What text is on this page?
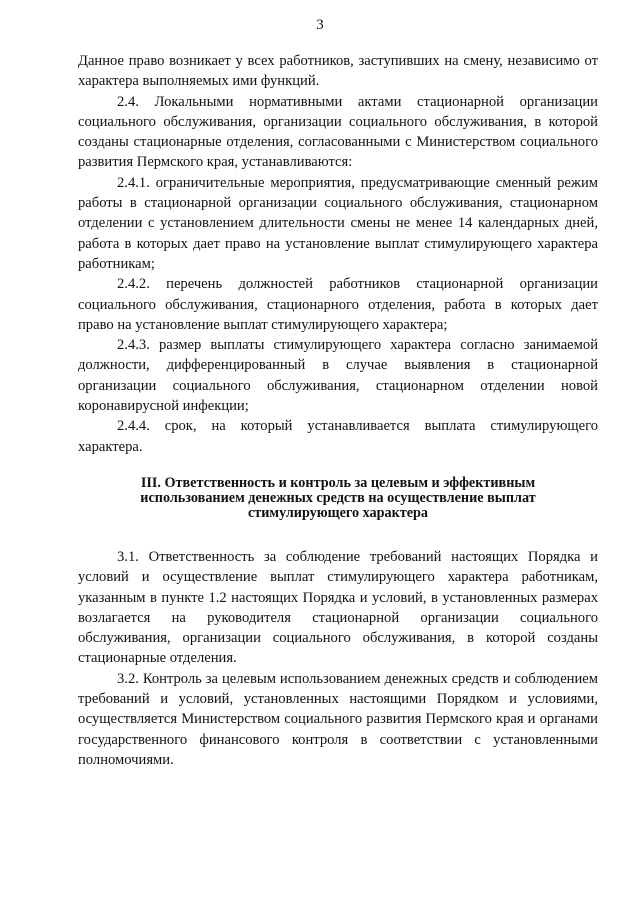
3

Данное право возникает у всех работников, заступивших на смену, независимо от характера выполняемых ими функций.

2.4. Локальными нормативными актами стационарной организации социального обслуживания, организации социального обслуживания, в которой созданы стационарные отделения, согласованными с Министерством социального развития Пермского края, устанавливаются:

2.4.1. ограничительные мероприятия, предусматривающие сменный режим работы в стационарной организации социального обслуживания, стационарном отделении с установлением длительности смены не менее 14 календарных дней, работа в которых дает право на установление выплат стимулирующего характера работникам;

2.4.2. перечень должностей работников стационарной организации социального обслуживания, стационарного отделения, работа в которых дает право на установление выплат стимулирующего характера;

2.4.3. размер выплаты стимулирующего характера согласно занимаемой должности, дифференцированный в случае выявления в стационарной организации социального обслуживания, стационарном отделении новой коронавирусной инфекции;

2.4.4. срок, на который устанавливается выплата стимулирующего характера.

III. Ответственность и контроль за целевым и эффективным использованием денежных средств на осуществление выплат стимулирующего характера

3.1. Ответственность за соблюдение требований настоящих Порядка и условий и осуществление выплат стимулирующего характера работникам, указанным в пункте 1.2 настоящих Порядка и условий, в установленных размерах возлагается на руководителя стационарной организации социального обслуживания, организации социального обслуживания, в которой созданы стационарные отделения.

3.2. Контроль за целевым использованием денежных средств и соблюдением требований и условий, установленных настоящими Порядком и условиями, осуществляется Министерством социального развития Пермского края и органами государственного финансового контроля в соответствии с установленными полномочиями.
